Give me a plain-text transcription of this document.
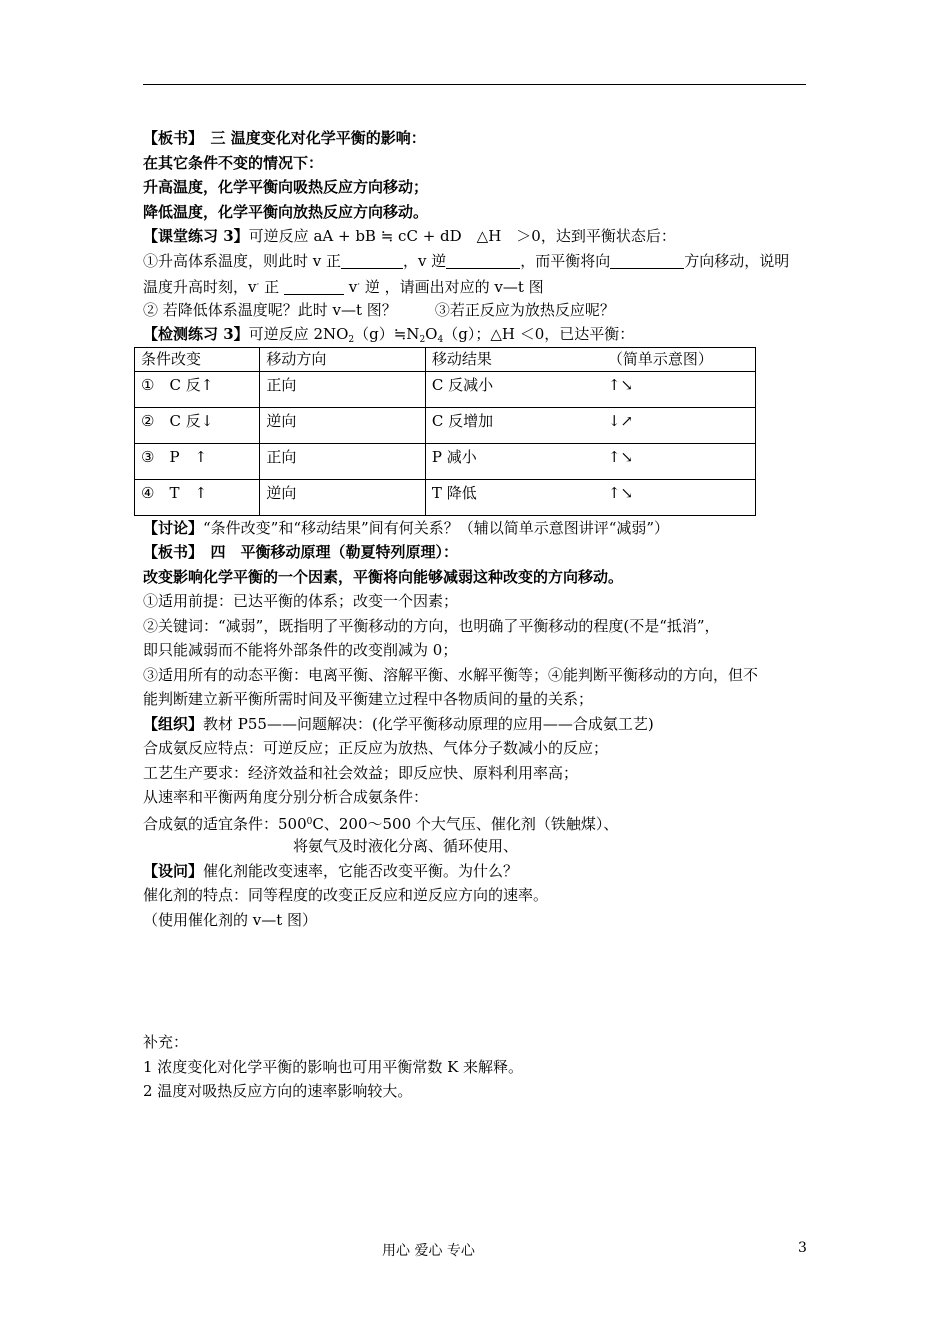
【板书】　三 温度变化对化学平衡的影响：
在其它条件不变的情况下：
升高温度，化学平衡向吸热反应方向移动；
降低温度，化学平衡向放热反应方向移动。
【课堂练习 3】可逆反应 aA + bB ≒ cC + dD　△H　＞0，达到平衡状态后：
①升高体系温度，则此时 v 正	，v 逆	，而平衡将向	方向移动，说明
温度升高时刻，v· 正	v· 逆 ，请画出对应的 v—t 图
② 若降低体系温度呢？此时 v—t 图？	③若正反应为放热反应呢？
【检测练习 3】可逆反应 $2NO_2(g)≒N_2O_4(g)$；△H ＜0，已达平衡：
条件改变	移动方向	移动结果 （简单示意图）
①　C 反↑	正向	C 反减小 ↑↘
②　C 反↓	逆向	C 反增加 ↓↗
③　P　↑	正向	P 减小 ↑↘
④　T　↑	逆向	T 降低 ↑↘
【讨论】“条件改变”和“移动结果”间有何关系？（辅以简单示意图讲评“减弱”）
【板书】　四　平衡移动原理（勒夏特列原理）：
改变影响化学平衡的一个因素，平衡将向能够减弱这种改变的方向移动。
①适用前提：已达平衡的体系；改变一个因素；
②关键词：“减弱”，既指明了平衡移动的方向，也明确了平衡移动的程度(不是“抵消”，
即只能减弱而不能将外部条件的改变削减为 0；
③适用所有的动态平衡：电离平衡、溶解平衡、水解平衡等；④能判断平衡移动的方向，但不
能判断建立新平衡所需时间及平衡建立过程中各物质间的量的关系；
【组织】教材 P55——问题解决：(化学平衡移动原理的应用——合成氨工艺)
合成氨反应特点：可逆反应；正反应为放热、气体分子数减小的反应；
工艺生产要求：经济效益和社会效益；即反应快、原料利用率高；
从速率和平衡两角度分别分析合成氨条件：
合成氨的适宜条件：$500^0C$、200～500 个大气压、催化剂（铁触煤）、
将氨气及时液化分离、循环使用、
【设问】催化剂能改变速率，它能否改变平衡。为什么？
催化剂的特点：同等程度的改变正反应和逆反应方向的速率。
（使用催化剂的 v—t 图）
补充：
1 浓度变化对化学平衡的影响也可用平衡常数 K 来解释。
2 温度对吸热反应方向的速率影响较大。
用心 爱心 专心	3
